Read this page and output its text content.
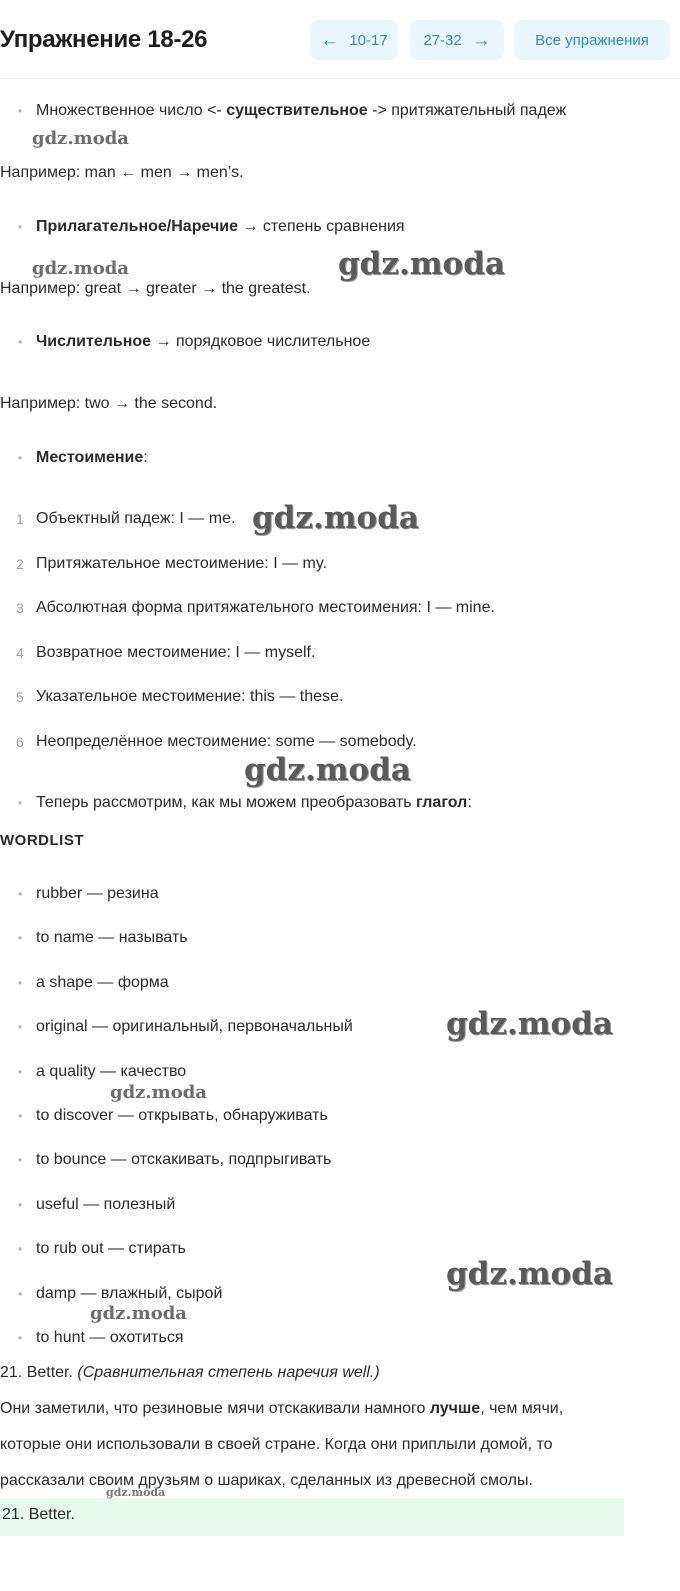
Упражнение 18-26	← 10-17 27-32 →	Все упражнения
Множественное число <- существительное -> притяжательный падеж
Например: man ← men → men’s.
Прилагательное/Наречие → степень сравнения
Например: great → greater → the greatest.
Числительное → порядковое числительное
Например: two → the second.
Местоимение:
1 Объектный падеж: I — me.
2 Притяжательное местоимение: I — my.
3 Абсолютная форма притяжательного местоимения: I — mine.
4 Возвратное местоимение: I — myself.
5 Указательное местоимение: this — these.
6 Неопределённое местоимение: some — somebody.
Теперь рассмотрим, как мы можем преобразовать глагол:
WORDLIST
rubber — резина
to name — называть
a shape — форма
original — оригинальный, первоначальный
a quality — качество
to discover — открывать, обнаруживать
to bounce — отскакивать, подпрыгивать
useful — полезный
to rub out — стирать
damp — влажный, сырой
to hunt — охотиться
21. Better. (Сравнительная степень наречия well.)
Они заметили, что резиновые мячи отскакивали намного лучше, чем мячи,
которые они использовали в своей стране. Когда они приплыли домой, то
рассказали своим друзьям о шариках, сделанных из древесной смолы.
21. Better.
gdz.moda
gdz.moda	gdz.moda
gdz.moda
gdz.moda
gdz.moda
gdz.moda
gdz.moda
gdz.moda
gdz.moda
